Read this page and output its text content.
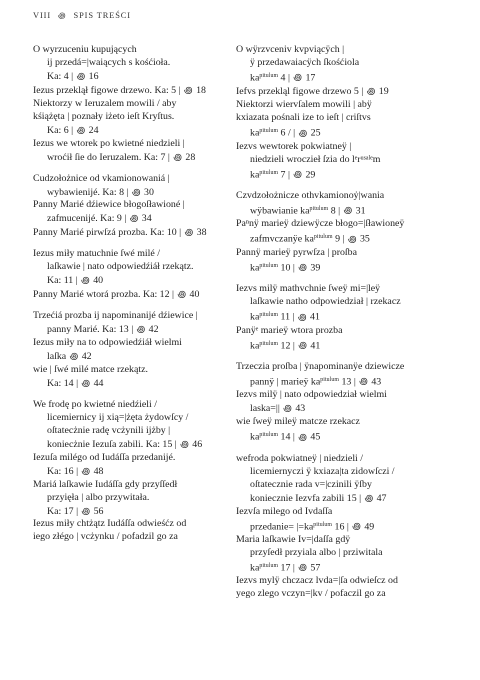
VIII ꩜ SPIS TREŚCI
O wyrzuceniu kupujących
ij przedá=|waiących s kośćioła.
Ka: 4 | ꩜ 16
Iezus przeklął figowe drzewo. Ka: 5 | ꩜ 18
Niektorzy w Ieruzalem mowili / aby
kśiążęta | poznały iżeto ieſt Kryſtus.
Ka: 6 | ꩜ 24
Iezus we wtorek po kwietné niedzieli |
wroćił ſie do Ieruzalem. Ka: 7 | ꩜ 28
Cudzołożnice od vkamionowaniá |
wybawienijé. Ka: 8 | ꩜ 30
Panny Marié dźiewice błogoſławioné |
zafmucenijé. Ka: 9 | ꩜ 34
Panny Marié pirwſzá prozba. Ka: 10 | ꩜ 38
Iezus miły matuchnie ſwé milé /
laſkawie | nato odpowiedźiáł rzekątz.
Ka: 11 | ꩜ 40
Panny Marié wtorá prozba. Ka: 12 | ꩜ 40
Trzećiá prozba ij napominanijé dźiewice |
panny Marié. Ka: 13 | ꩜ 42
Iezus miły na to odpowiedźiáł wielmi
laſka ꩜ 42
wie | ſwé milé matce rzekątz.
Ka: 14 | ꩜ 44
We frodę po kwietné niedźieli /
licemiernicy ij xią=|żęta żydowſcy /
oſtatecżnie radę vcżynili ijżby |
koniecżnie Iezuſa zabili. Ka: 15 | ꩜ 46
Iezuſa milégo od Iudáſſa przedanijé.
Ka: 16 | ꩜ 48
Mariá laſkawie Iudáſſa gdy przyſſedł
przyięła | albo przywitała.
Ka: 17 | ꩜ 56
Iezus miły chtżątz Iudáſſa odwieśćz od
iego złégo | vcżynku / pofadzil go za
O wÿrzvceniv kvpviącÿch |
ÿ przedawaiacÿch ſkośćiola
$ka^{pitulum}$ 4 | ꩜ 17
Iefvs przekląl figowe drzewo 5 | ꩜ 19
Niektorzi wiervſalem mowili | abÿ
kxiazata pośnali ize to ieſt | criſtvs
$ka^{pitulum}$ 6 / | ꩜ 25
Iezvs wewtorek pokwiatneÿ |
niedzieli wroczieł ſzia do lᵉrᵘˢᵃˡᵉm
$ka^{pitulum}$ 7 | ꩜ 29
Czvdzołożnicze othvkamionoẏ|wania
wÿbawianie $ka^{pitulum}$ 8 | ꩜ 31
Paⁿnÿ marieÿ dziewÿcze błogo=|ſławioneÿ
zafmvczanÿe $ka^{pitulum}$ 9 | ꩜ 35
Pannÿ marieÿ pyrwſza | proſba
$ka^{pitulum}$ 10 | ꩜ 39
Iezvs milÿ mathvchnie ſweÿ mi=|leÿ
laſkawie natho odpowiedział | rzekacz
$ka^{pitulum}$ 11 | ꩜ 41
Panÿᵉ marieÿ wtora prozba
$ka^{pitulum}$ 12 | ꩜ 41
Trzeczia proſba | ÿnapominanÿe dziewicze
pannÿ | marieÿ $ka^{pitulum}$ 13 | ꩜ 43
Iezvs milÿ | nato odpowiedział wielmi
laska=|| ꩜ 43
wie ſweÿ mileÿ matcze rzekacz
$ka^{pitulum}$ 14 | ꩜ 45
wefroda pokwiatneÿ | niedzieli /
licemiernyczi ÿ kxiaza|ta zidowſczi /
oſtatecznie rada v=|czinili ÿſby
koniecznie Iezvfa zabili 15 | ꩜ 47
Iezvſa milego od Ivdaſſa
przedanie= $|=ka^{pitulum}$ 16 | ꩜ 49
Maria laſkawie Iv=|daſſa gdÿ
przyſedł przyiala albo | prziwitala
$ka^{pitulum}$ 17 | ꩜ 57
Iezvs mylÿ chczacz lvda=|ſa odwieſcz od
yego zlego vczyn=|kv / pofaczil go za
